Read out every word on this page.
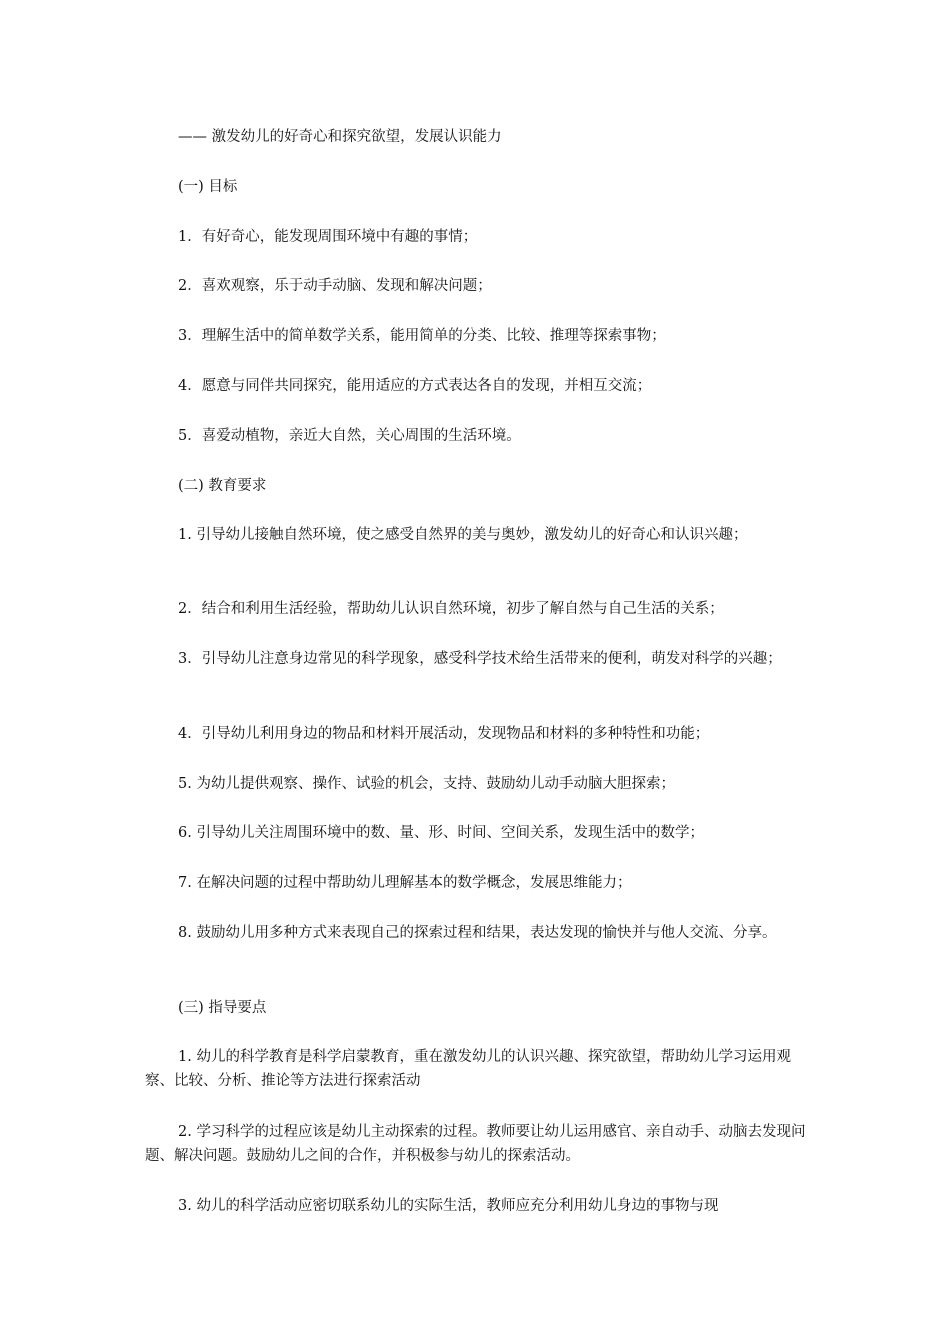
—— 激发幼儿的好奇心和探究欲望，发展认识能力

(一) 目标

1．有好奇心，能发现周围环境中有趣的事情；

2．喜欢观察，乐于动手动脑、发现和解决问题；

3．理解生活中的简单数学关系，能用简单的分类、比较、推理等探索事物；

4．愿意与同伴共同探究，能用适应的方式表达各自的发现，并相互交流；

5．喜爱动植物，亲近大自然，关心周围的生活环境。

(二) 教育要求

1. 引导幼儿接触自然环境，使之感受自然界的美与奥妙，激发幼儿的好奇心和认识兴趣；

2．结合和利用生活经验，帮助幼儿认识自然环境，初步了解自然与自己生活的关系；

3．引导幼儿注意身边常见的科学现象，感受科学技术给生活带来的便利，萌发对科学的兴趣；

4．引导幼儿利用身边的物品和材料开展活动，发现物品和材料的多种特性和功能；

5. 为幼儿提供观察、操作、试验的机会，支持、鼓励幼儿动手动脑大胆探索；

6. 引导幼儿关注周围环境中的数、量、形、时间、空间关系，发现生活中的数学；

7. 在解决问题的过程中帮助幼儿理解基本的数学概念，发展思维能力；

8. 鼓励幼儿用多种方式来表现自己的探索过程和结果，表达发现的愉快并与他人交流、分享。

(三) 指导要点

1. 幼儿的科学教育是科学启蒙教育，重在激发幼儿的认识兴趣、探究欲望，帮助幼儿学习运用观察、比较、分析、推论等方法进行探索活动

2. 学习科学的过程应该是幼儿主动探索的过程。教师要让幼儿运用感官、亲自动手、动脑去发现问题、解决问题。鼓励幼儿之间的合作，并积极参与幼儿的探索活动。

3. 幼儿的科学活动应密切联系幼儿的实际生活，教师应充分利用幼儿身边的事物与现
